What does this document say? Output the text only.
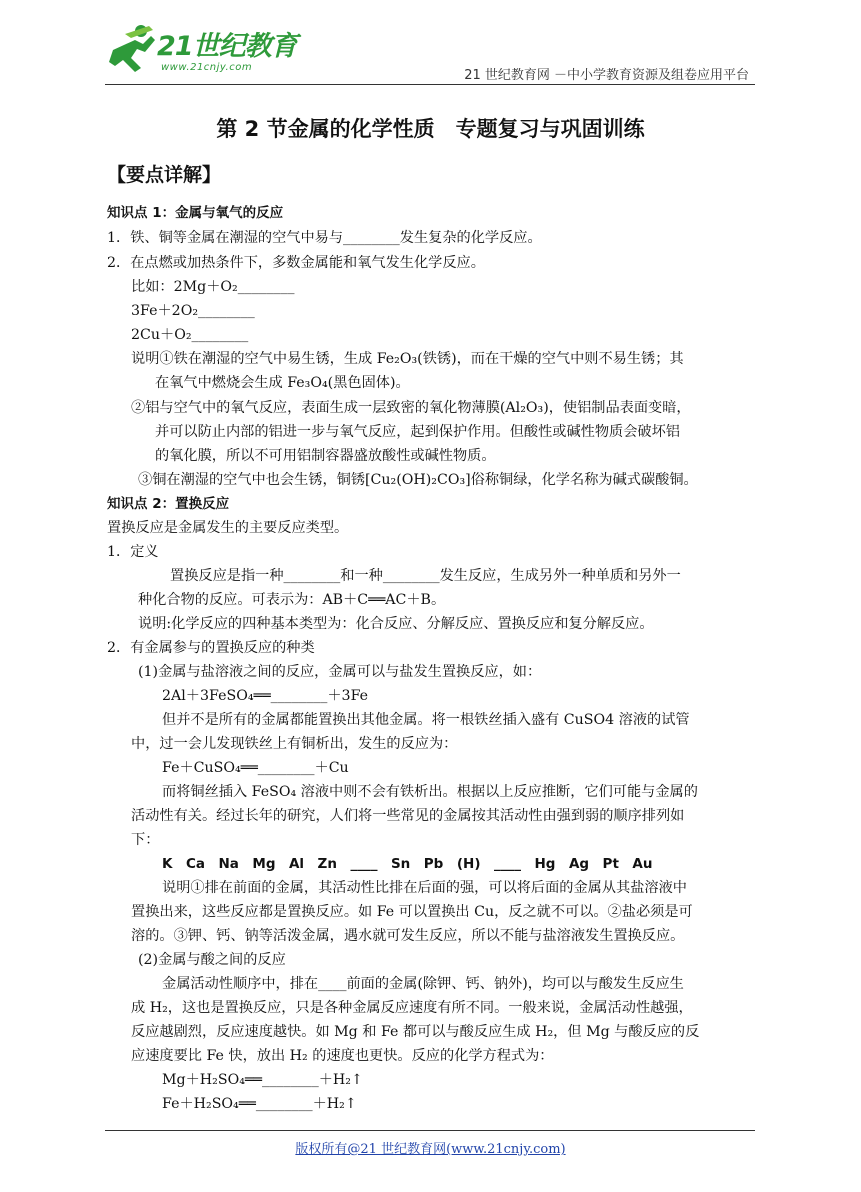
21世纪教育
www.21cnjy.com
21 世纪教育网 －中小学教育资源及组卷应用平台
第 2 节金属的化学性质　专题复习与巩固训练
【要点详解】
知识点 1：金属与氧气的反应
1．铁、铜等金属在潮湿的空气中易与________发生复杂的化学反应。
2．在点燃或加热条件下，多数金属能和氧气发生化学反应。
比如：2Mg＋O₂________
3Fe＋2O₂________
2Cu＋O₂________
说明①铁在潮湿的空气中易生锈，生成 Fe₂O₃(铁锈)，而在干燥的空气中则不易生锈；其
在氧气中燃烧会生成 Fe₃O₄(黑色固体)。
②铝与空气中的氧气反应，表面生成一层致密的氧化物薄膜(Al₂O₃)，使铝制品表面变暗，
并可以防止内部的铝进一步与氧气反应，起到保护作用。但酸性或碱性物质会破坏铝
的氧化膜，所以不可用铝制容器盛放酸性或碱性物质。
③铜在潮湿的空气中也会生锈，铜锈[Cu₂(OH)₂CO₃]俗称铜绿，化学名称为碱式碳酸铜。
知识点 2：置换反应
置换反应是金属发生的主要反应类型。
1．定义
置换反应是指一种________和一种________发生反应，生成另外一种单质和另外一
种化合物的反应。可表示为：AB＋C══AC＋B。
说明:化学反应的四种基本类型为：化合反应、分解反应、置换反应和复分解反应。
2．有金属参与的置换反应的种类
(1)金属与盐溶液之间的反应，金属可以与盐发生置换反应，如：
2Al＋3FeSO₄══________＋3Fe
但并不是所有的金属都能置换出其他金属。将一根铁丝插入盛有 CuSO4 溶液的试管
中，过一会儿发现铁丝上有铜析出，发生的反应为：
Fe＋CuSO₄══________＋Cu
而将铜丝插入 FeSO₄ 溶液中则不会有铁析出。根据以上反应推断，它们可能与金属的
活动性有关。经过长年的研究，人们将一些常见的金属按其活动性由强到弱的顺序排列如
下：
K　Ca　Na　Mg　Al　Zn　____　Sn　Pb　(H)　____　Hg　Ag　Pt　Au
说明①排在前面的金属，其活动性比排在后面的强，可以将后面的金属从其盐溶液中
置换出来，这些反应都是置换反应。如 Fe 可以置换出 Cu，反之就不可以。②盐必须是可
溶的。③钾、钙、钠等活泼金属，遇水就可发生反应，所以不能与盐溶液发生置换反应。
(2)金属与酸之间的反应
金属活动性顺序中，排在____前面的金属(除钾、钙、钠外)，均可以与酸发生反应生
成 H₂，这也是置换反应，只是各种金属反应速度有所不同。一般来说，金属活动性越强，
反应越剧烈，反应速度越快。如 Mg 和 Fe 都可以与酸反应生成 H₂，但 Mg 与酸反应的反
应速度要比 Fe 快，放出 H₂ 的速度也更快。反应的化学方程式为：
Mg＋H₂SO₄══________＋H₂↑
Fe＋H₂SO₄══________＋H₂↑
版权所有@21 世纪教育网(www.21cnjy.com)
